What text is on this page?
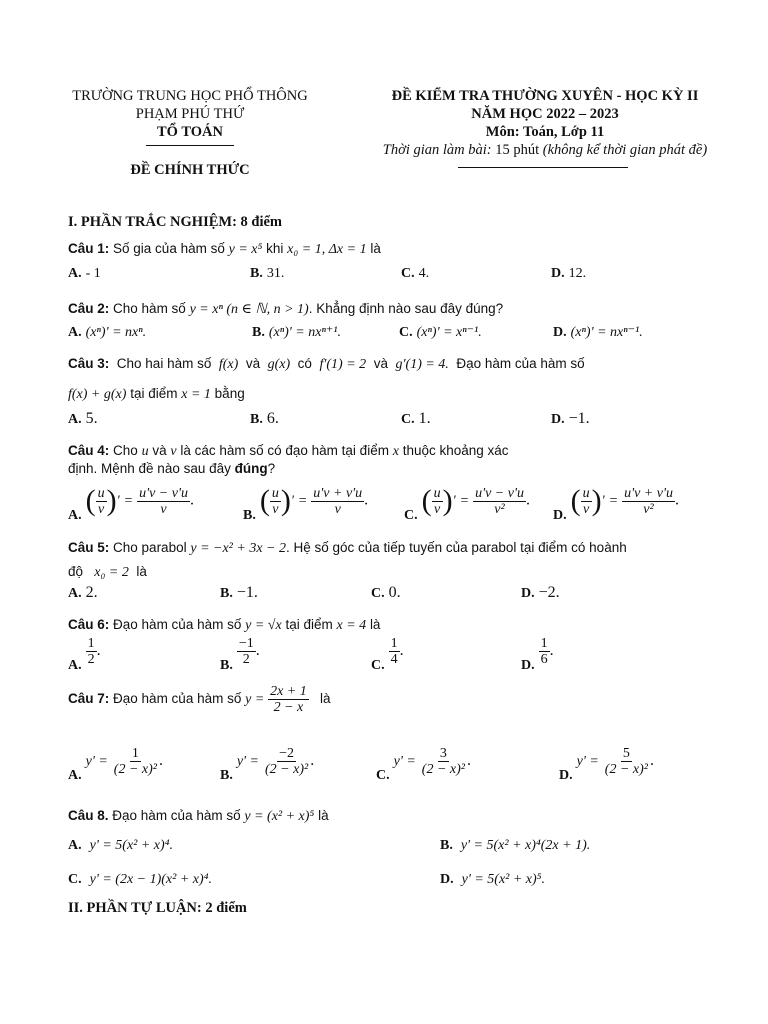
TRƯỜNG TRUNG HỌC PHỔ THÔNG
PHẠM PHÚ THỨ
TỔ TOÁN
ĐỀ CHÍNH THỨC
ĐỀ KIỂM TRA THƯỜNG XUYÊN - HỌC KỲ II
NĂM HỌC 2022 – 2023
Môn: Toán, Lớp 11
Thời gian làm bài: 15 phút (không kể thời gian phát đề)
I. PHẦN TRẮC NGHIỆM: 8 điểm
Câu 1: Số gia của hàm số y = x⁵ khi x₀ = 1, Δx = 1 là
A. - 1	B. 31.	C. 4.	D. 12.
Câu 2: Cho hàm số y = xⁿ (n ∈ ℕ, n > 1). Khẳng định nào sau đây đúng?
A. (xⁿ)' = nxⁿ.	B. (xⁿ)' = nxⁿ⁺¹.	C. (xⁿ)' = xⁿ⁻¹.	D. (xⁿ)' = nxⁿ⁻¹.
Câu 3: Cho hai hàm số f(x) và g(x) có f′(1) = 2 và g′(1) = 4. Đạo hàm của hàm số
f(x) + g(x) tại điểm x = 1 bằng
A. 5.	B. 6.	C. 1.	D. −1.
Câu 4: Cho u và v là các hàm số có đạo hàm tại điểm x thuộc khoảng xác
định. Mệnh đề nào sau đây đúng?
A. ( $\frac{u}{v}$ )' = $\frac{u'v - v'u}{v}$ .
B. ( $\frac{u}{v}$ )' = $\frac{u'v + v'u}{v}$ .
C. ( $\frac{u}{v}$ )' = $\frac{u'v - v'u}{\text{v²}}$ .
D. ( $\frac{u}{v}$ )' = $\frac{u'v + v'u}{\text{v²}}$ .
Câu 5: Cho parabol y = −x² + 3x − 2. Hệ số góc của tiếp tuyến của parabol tại điểm có hoành
độ x₀ = 2 là
A. 2.	B. −1.	C. 0.	D. −2.
Câu 6: Đạo hàm của hàm số y = √x tại điểm x = 4 là
A. $\frac{1}{2}$ .
B. $\frac{-1}{2}$ .
C. $\frac{1}{4}$ .
D. $\frac{1}{6}$ .
Câu 7: Đạo hàm của hàm số $y = \frac{2x + 1}{2 - x}$ là
A. $y' = \frac{1}{\text{(2 − x)²}}$ .
B. $y' = \frac{-2}{\text{(2 − x)²}}$ .
C. $y' = \frac{3}{\text{(2 − x)²}}$ .
D. $y' = \frac{5}{\text{(2 − x)²}}$ .
Câu 8. Đạo hàm của hàm số y = (x² + x)⁵ là
A. y' = 5(x² + x)⁴.	B. y' = 5(x² + x)⁴(2x + 1).
C. y' = (2x − 1)(x² + x)⁴.	D. y' = 5(x² + x)⁵.
II. PHẦN TỰ LUẬN: 2 điểm
